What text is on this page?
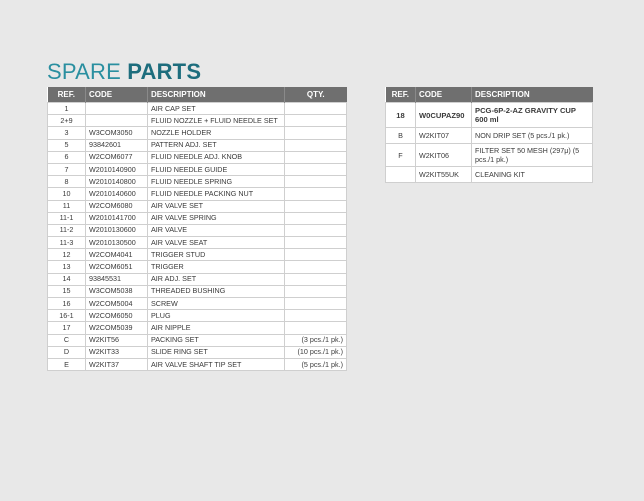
SPARE PARTS
REF.	CODE	DESCRIPTION	QTY.
1		AIR CAP SET	
2+9		FLUID NOZZLE + FLUID NEEDLE SET	
3	W3COM3050	NOZZLE HOLDER	
5	93842601	PATTERN ADJ. SET	
6	W2COM6077	FLUID NEEDLE ADJ. KNOB	
7	W2010140900	FLUID NEEDLE GUIDE	
8	W2010140800	FLUID NEEDLE SPRING	
10	W2010140600	FLUID NEEDLE PACKING NUT	
11	W2COM6080	AIR VALVE SET	
11-1	W2010141700	AIR VALVE SPRING	
11-2	W2010130600	AIR VALVE	
11-3	W2010130500	AIR VALVE SEAT	
12	W2COM4041	TRIGGER STUD	
13	W2COM6051	TRIGGER	
14	93845531	AIR ADJ. SET	
15	W3COM5038	THREADED BUSHING	
16	W2COM5004	SCREW	
16-1	W2COM6050	PLUG	
17	W2COM5039	AIR NIPPLE	
C	W2KIT56	PACKING SET	(3 pcs./1 pk.)
D	W2KIT33	SLIDE RING SET	(10 pcs./1 pk.)
E	W2KIT37	AIR VALVE SHAFT TIP SET	(5 pcs./1 pk.)
REF.	CODE	DESCRIPTION
18	W0CUPAZ90	PCG-6P-2-AZ GRAVITY CUP 600 ml
B	W2KIT07	NON DRIP SET (5 pcs./1 pk.)
F	W2KIT06	FILTER SET 50 MESH (297μ) (5 pcs./1 pk.)
	W2KIT55UK	CLEANING KIT
